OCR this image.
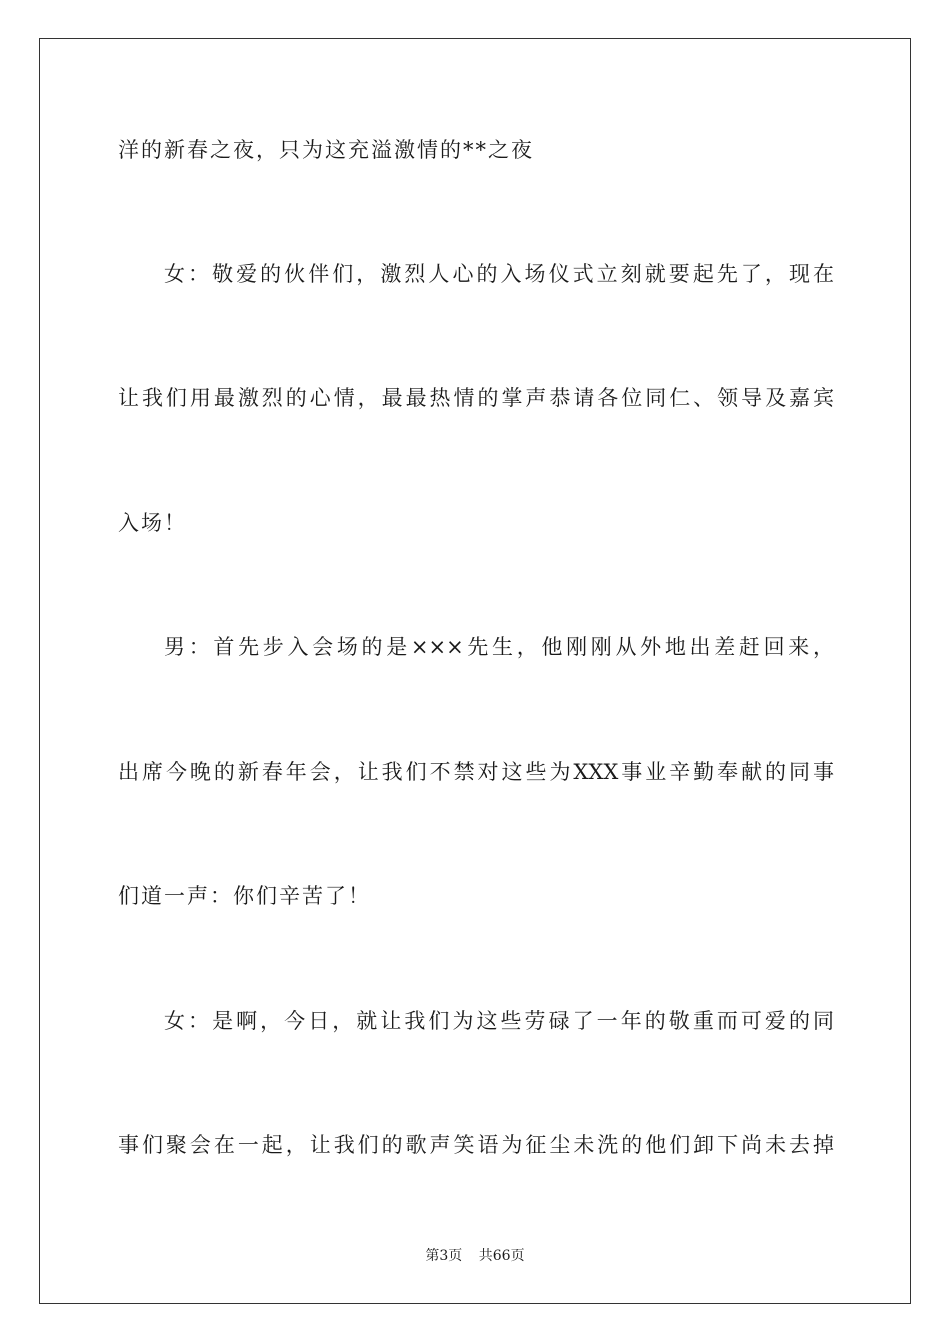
洋的新春之夜，只为这充溢激情的**之夜
女：敬爱的伙伴们，激烈人心的入场仪式立刻就要起先了，现在
让我们用最激烈的心情，最最热情的掌声恭请各位同仁、领导及嘉宾
入场！
男：首先步入会场的是×××先生，他刚刚从外地出差赶回来，
出席今晚的新春年会，让我们不禁对这些为XXX事业辛勤奉献的同事
们道一声：你们辛苦了！
女：是啊，今日，就让我们为这些劳碌了一年的敬重而可爱的同
事们聚会在一起，让我们的歌声笑语为征尘未洗的他们卸下尚未去掉
第3页 共66页
